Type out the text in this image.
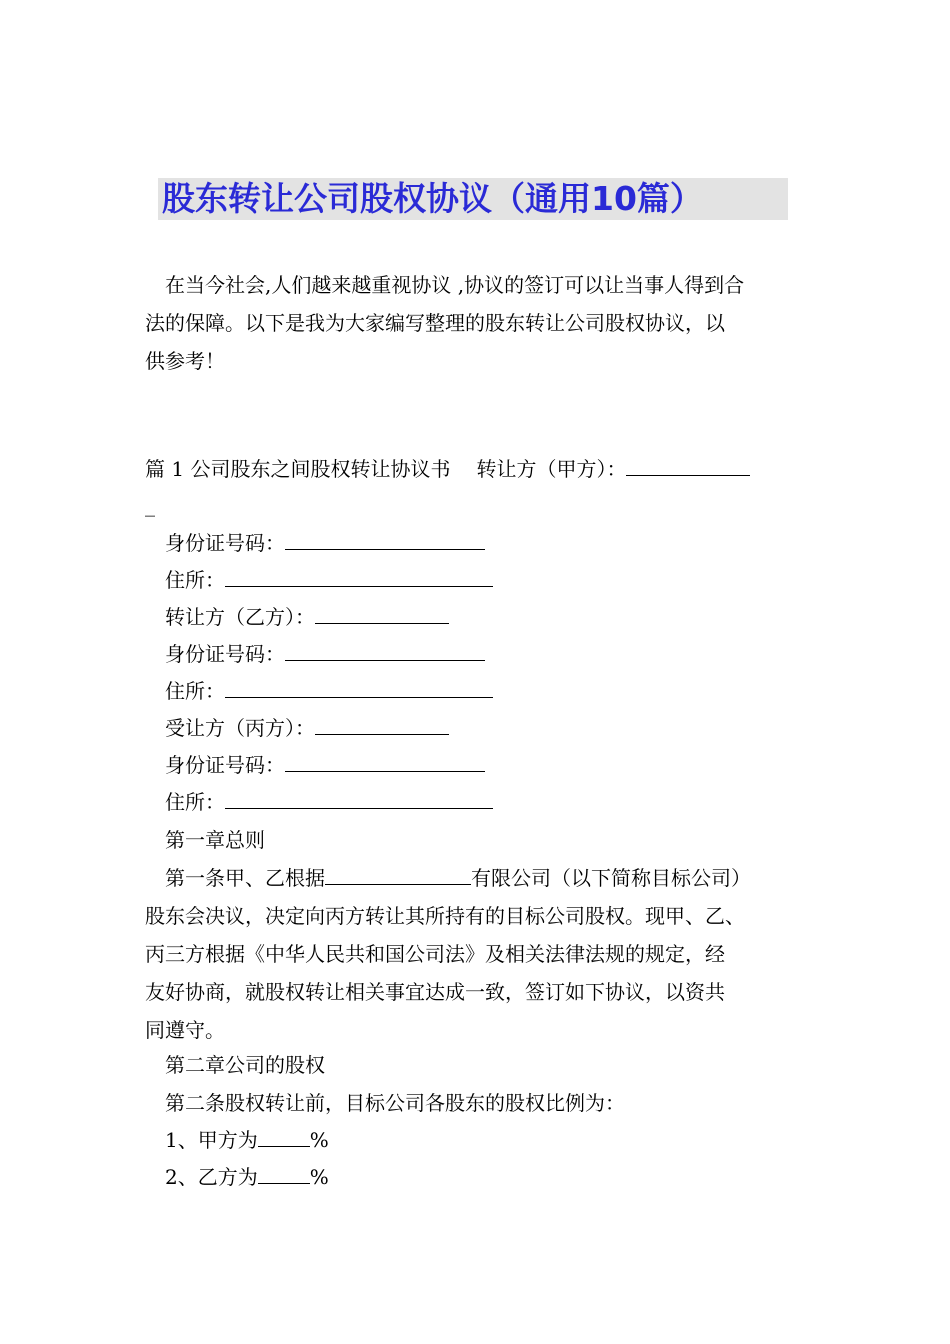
股东转让公司股权协议（通用10篇）
在当今社会,人们越来越重视协议 ,协议的签订可以让当事人得到合
法的保障。以下是我为大家编写整理的股东转让公司股权协议，以
供参考！
篇 1 公司股东之间股权转让协议书 转让方（甲方）：
_
身份证号码：
住所：
转让方（乙方）：
身份证号码：
住所：
受让方（丙方）：
身份证号码：
住所：
第一章总则
第一条甲、乙根据	有限公司（以下简称目标公司）
股东会决议，决定向丙方转让其所持有的目标公司股权。现甲、乙、
丙三方根据《中华人民共和国公司法》及相关法律法规的规定，经
友好协商，就股权转让相关事宜达成一致，签订如下协议，以资共
同遵守。
第二章公司的股权
第二条股权转让前，目标公司各股东的股权比例为：
1、甲方为	%
2、乙方为	%
